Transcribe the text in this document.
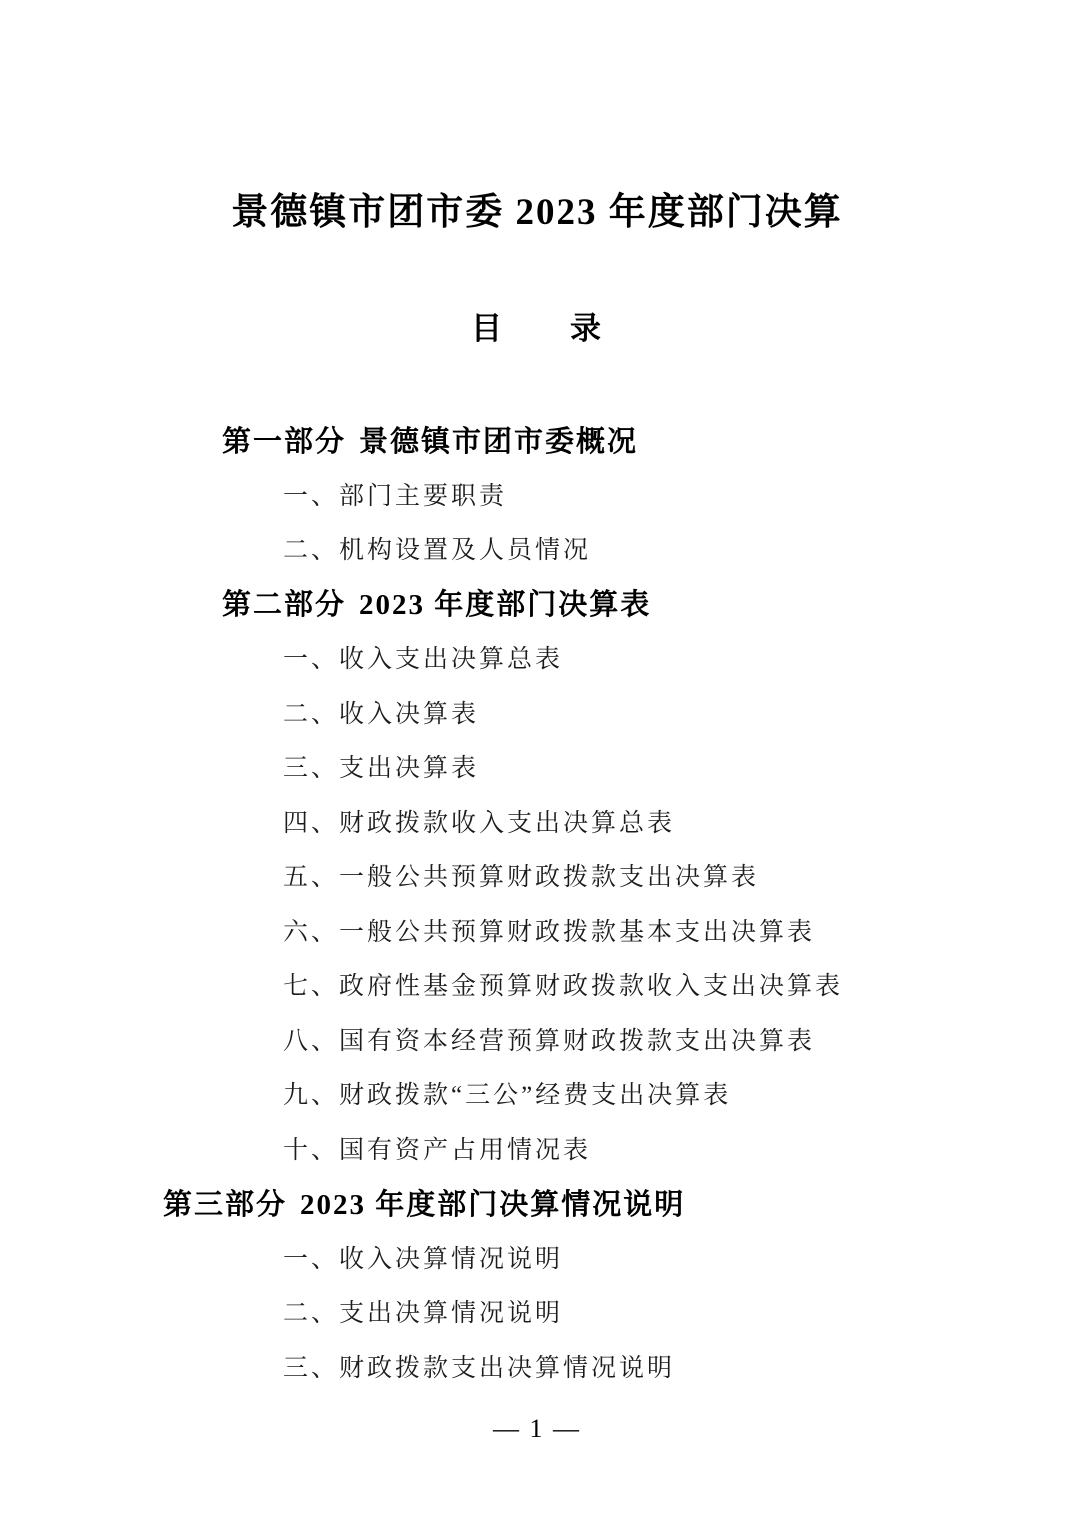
景德镇市团市委 2023 年度部门决算
目　　录
第一部分 景德镇市团市委概况
一、部门主要职责
二、机构设置及人员情况
第二部分 2023 年度部门决算表
一、收入支出决算总表
二、收入决算表
三、支出决算表
四、财政拨款收入支出决算总表
五、一般公共预算财政拨款支出决算表
六、一般公共预算财政拨款基本支出决算表
七、政府性基金预算财政拨款收入支出决算表
八、国有资本经营预算财政拨款支出决算表
九、财政拨款“三公”经费支出决算表
十、国有资产占用情况表
第三部分 2023 年度部门决算情况说明
一、收入决算情况说明
二、支出决算情况说明
三、财政拨款支出决算情况说明
— 1 —
